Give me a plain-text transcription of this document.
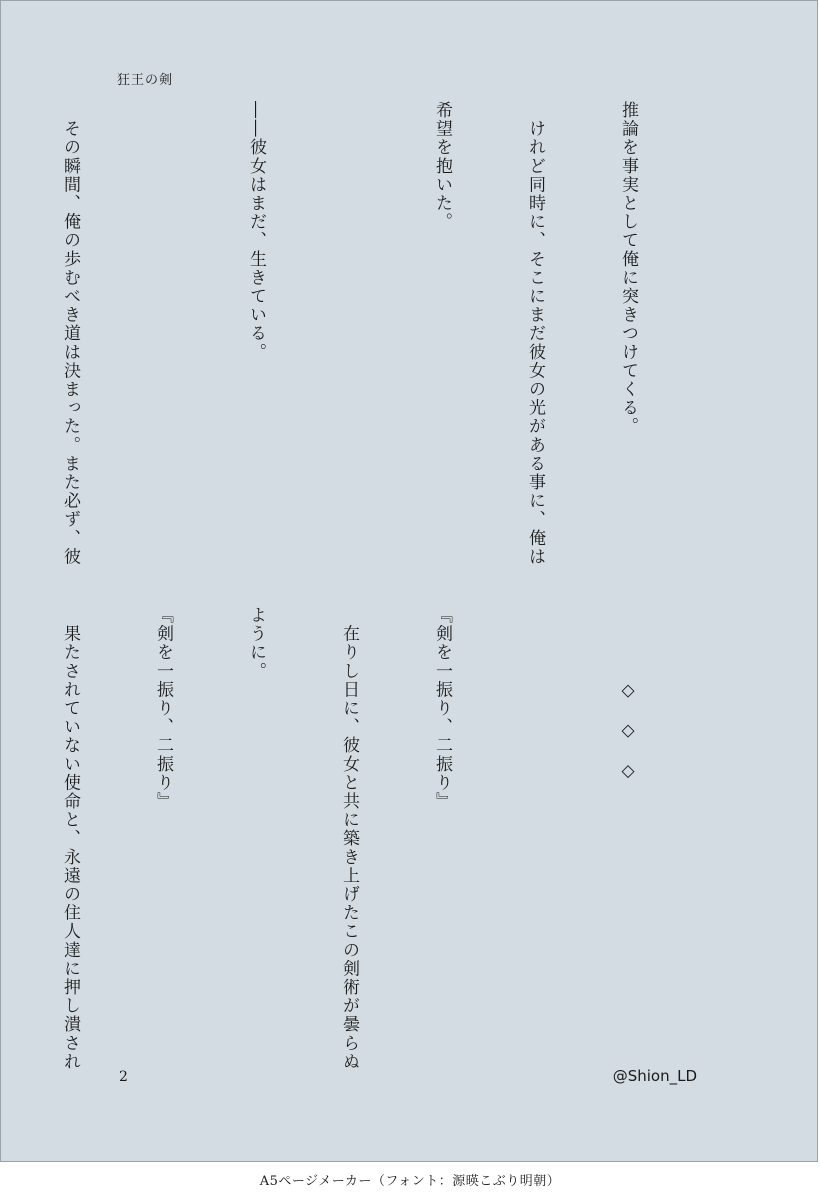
狂王の剣

推論を事実として俺に突きつけてくる。

　けれど同時に、そこにまだ彼女の光がある事に、俺は

希望を抱いた。

――彼女はまだ、生きている。

　その瞬間、俺の歩むべき道は決まった。また必ず、彼

　　　　◇　◇　◇

『剣を一振り、二振り』

　在りし日に、彼女と共に築き上げたこの剣術が曇らぬ

ように。

『剣を一振り、二振り』

　果たされていない使命と、永遠の住人達に押し潰され

2	@Shion_LD
A5ページメーカー（フォント：源暎こぶり明朝）
